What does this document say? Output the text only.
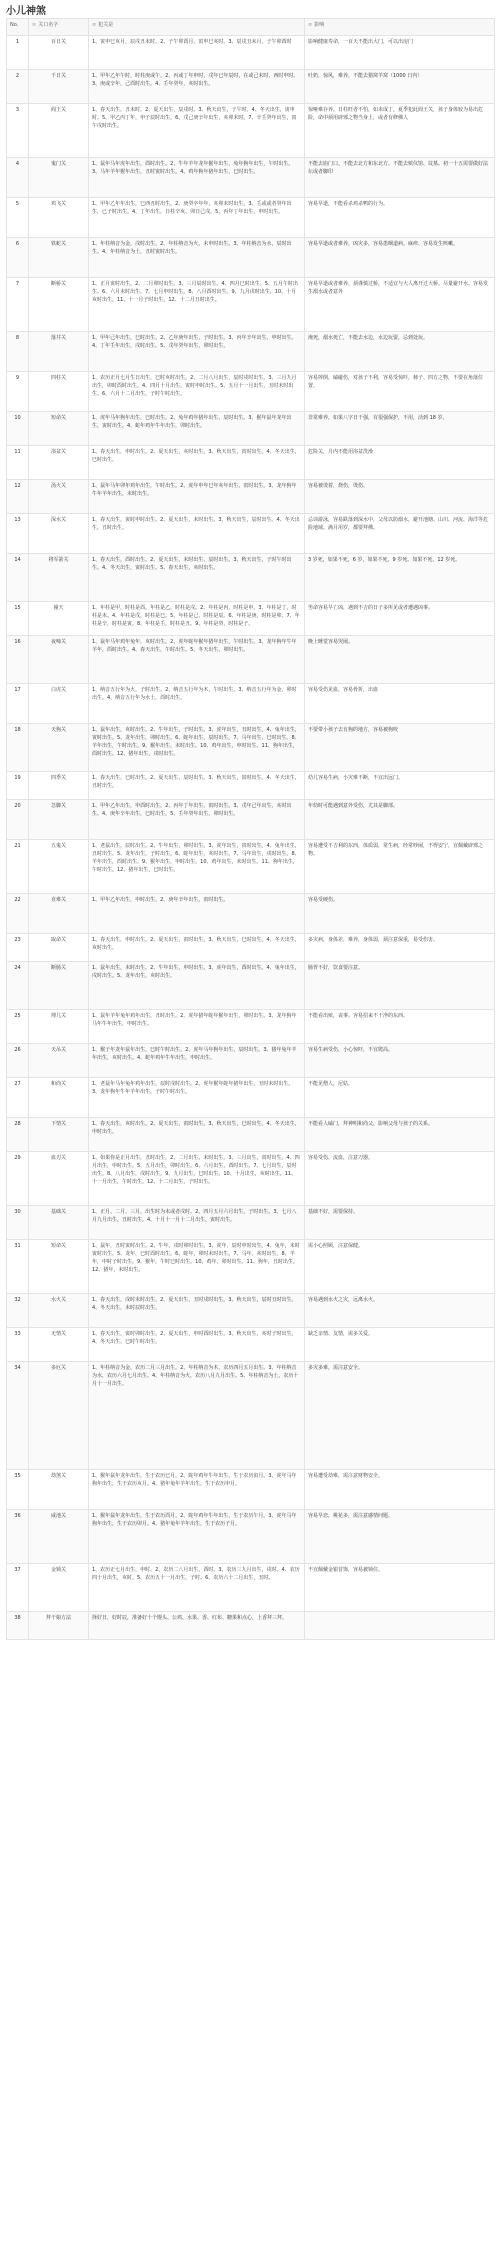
小儿神煞
No.	≡ 关口名字	≡ 犯关是	≡ 影响
1	百日关	1、寅申巳亥月，辰戌丑未时。2、子午卯酉月，寅申巳亥时。3、辰戌丑未月，子午卯酉时	影响健康寿命，一百天不能出大门，可以出房门
2	千日关	1、甲年乙年午时，时柱庚或午。2、丙或丁年申时，戊年已年辰时，在或己未时，西时申时。3、庚或辛年，己酉时出生。4、壬年癸年，亥时出生。	吐奶，惊风，难养，不能去猪窝羊窝（1000 日内）
3	阎王关	1、春天出生，丑未时。2、夏天出生，辰戌时。3、秋天出生，子午时。4、冬天出生，寅申时。5、甲乙丙丁年，申子辰时出生。6、戊己庚辛年出生，亥卯未时。7、辛壬癸年出生，寅午戌时出生。	惊哑难存养。日柱旺者不怕，如未成丁，夏季犯此阎王关，孩子身体较为易出危险，命中须用辟邪之物当身上，或者有修佛人
4	鬼门关	1、鼠年马年虎年出生，酉时出生。2、牛年羊年龙年猴年出生，兔年狗年出生，午时出生。3、马年羊年猴年出生，丑时寅时出生。4、鸡年狗年猪年出生，巳时出生。	不能去庙门口。不能去北方和东北方。不能去殡仪馆、坟墓。初一十五需要做好法坛或者脚印
5	鸡飞关	1、甲年乙年年出生，巳西丑时出生。2、庚癸卒年年，亥卯未时出生。3、壬或或者癸年出生，已子时出生。4、丁年出生，日柱辛亥、卯日己戌。5、丙年丁年出生，申时出生。	容易早逝，不能看杀鸡杀鸭的行为。
6	铁蛇关	1、年柱纳音为金，戌时出生。2、年柱纳音为火，未申时出生。3、年柱纳音为水，辰时出生。4、年柱纳音为土，丑时寅时出生。	容易早逝或者难养，凶灾多，容易患咽道病。麻疹、容易发生咳嗽。
7	断桥关	1、正月寅时出生。2、二月卯时出生。3、三月辰时出生。4、四月巳时出生。5、五月午时出生。6、六月未时出生。7、七月申时出生。8、八月酉时出生。9、九月戌时出生。10、十月亥时出生。11、十一月子时出生。12、十二月丑时出生。	容易早逝或者难养，须谨慎过桥，不适宜与大人离开过大桥。尽量避开水。容易发生溺水或者意外
8	落井关	1、甲年己年出生，巳时出生。2、乙年庚年出生，子时出生。3、丙年辛年出生，申时出生。4、丁年壬年出生，戌时出生。5、戊年癸年出生，卯时出生。	淹死，溺水死亡，不能去水边，水边玩耍，忌到处玩。
9	四柱关	1、农历正月七月生日出生，巳时亥时出生。2、二月八月出生，辰时戌时出生。3、三月九月出生，卯时酉时出生。4、四月十月出生，寅时申时出生。5、五月十一月出生，丑时未时出生。6、六月十二月出生，子时午时出生。	容易摔倒，磕碰伤，对孩子不利，容易受惊吓，柿子、四方之物，不要在角落位置。
10	短命关	1、虎年马年狗年出生，巳时出生。2、兔年鸡年猪年出生，辰时出生。3、猴年鼠年龙年出生，寅时出生。4、蛇年鸡年牛年出生，卯时出生。	非常难养，如果八字日干强，有很强保护，不用，活到 18 岁。
11	浴盆关	1、春天出生，申时出生。2、夏天出生，亥时出生。3、秋天出生，寅时出生。4、冬天出生，巳时出生。	危险关，月内不能用浴盆洗澡
12	汤火关	1、鼠年马年卯年鸡年出生，午时出生。2、虎年申年巳年亥年出生，寅时出生。3、龙年狗年牛年羊年出生，未时出生。	容易被烫着，烧伤，烫伤。
13	深水关	1、春天出生，寅时申时出生。2、夏天出生，未时出生。3、秋天出生，辰时出生。4、冬天出生，丑时出生。	忌讳游泳，容易跌落到深水中，父母以防溺水，避开池塘、山川、河流、海洋等危险地域。满月用岁，都要拜佛。
14	将军箭关	1、春天出生，酉时出生。2、夏天出生，未时出生，辰时出生。3、秋天出生，子时午时出生。4、冬天出生，寅时出生。5、春天出生，亥时出生。	3 岁死，如果不死，6 岁，如果不死，9 岁死。如果不死，12 岁死。
15	撞天	1、年柱是甲，时柱是酉，年柱是乙，时柱是戌。2、年柱是丙，时柱是申。3、年柱是丁，时柱是未。4、年柱是戊，时柱是巳。5、年柱是己，时柱是辰。6、年柱是庚，时柱是卯。7、年柱是辛，时柱是寅。8、年柱是壬，时柱是丑。9、年柱是癸，时柱是子。	男命容易早亡凶，遇到不吉的日子多所见或者遭遇凶事。
16	夜啼关	1、鼠年马年鸡年兔年，亥时出生。2、虎年蛇年猴年猪年出生，午时出生。3、龙年狗年牛年羊年，酉时出生。4、春天出生，午时出生。5、冬天出生，卯时出生。	晚上睡觉容易哭闹。
17	白虎关	1、纳音五行年为火，子时出生。2、纳音五行年为木，午时出生。3、纳音五行年为金，卯时出生。4、纳音五行年为水土，酉时出生。	容易受伤见血，容易骨折，出血
18	天狗关	1、鼠年出生，亥时出生。2、牛年出生，子时出生。3、虎年出生，丑时出生。4、兔年出生，寅时出生。5、龙年出生，卯时出生。6、蛇年出生，辰时出生。7、马年出生，巳时出生。8、羊年出生，午时出生。9、猴年出生，未时出生。10、鸡年出生，申时出生。11、狗年出生，酉时出生。12、猪年出生，戌时出生。	不要带小孩子去有狗的地方，容易被狗咬
19	四季关	1、春天出生，巳时出生。2、夏天出生，辰时出生。3、秋天出生，寅时出生。4、冬天出生，丑时出生。	幼儿容易生病，小灾难不断，不宜出远门。
20	急脚关	1、甲年乙年出生，申酉时出生。2、丙年丁年出生，寅时出生。3、戊年己年出生，亥时出生。4、庚年辛年出生，巳时出生。5、壬年癸年出生，卯时出生。	年幼时可能遇到意外受伤，尤其是脚部。
21	五鬼关	1、老鼠出生，辰时出生。2、牛年出生，卯时出生。3、虎年出生，寅时出生。4、兔年出生，丑时出生。5、龙年出生，子时出生。6、蛇年出生，亥时出生。7、马年出生，戌时出生。8、羊年出生，酉时出生。9、猴年出生，申时出生。10、鸡年出生，未时出生。11、狗年出生，午时出生。12、猪年出生，巳时出生。	容易遭受不吉利的东西，体质弱，常生病，经常吵闹，不得安宁，宜佩戴辟邪之物。
22	直难关	1、甲年乙年出生，申时出生。2、庚年辛年出生，寅时出生。	容易受硬伤。
23	取命关	1、春天出生，申时出生。2、夏天出生，寅时出生。3、秋天出生，巳时出生。4、冬天出生，亥时出生。	多灾病，身体差，难养，身体弱，须注意保重，易受伤害。
24	断肠关	1、鼠年出生，未时出生。2、牛年出生，申时出生。3、虎年出生，酉时出生。4、兔年出生，戌时出生。5、龙年出生，亥时出生。	肠胃不好，饮食要注意。
25	埋儿关	1、鼠年羊年兔年鸡年出生，丑时出生。2、虎年猪年蛇年猴年出生，卯时出生。3、龙年狗年马年牛年出生，申时出生。	不能看出殡，丧事。容易招来不干净的东西。
26	天吊关	1、猴子年龙年鼠年出生，巳时午时出生。2、虎年马年狗年出生，辰时出生。3、猪年兔年羊年出生，亥时出生。4、蛇年鸡年牛年出生，申时出生。	容易生病受伤，小心惊吓，不宜爬高。
27	和尚关	1、老鼠年马年兔年鸡年出生，辰时戌时出生。2、虎年猴年蛇年猪年出生，丑时未时出生。3、龙年狗年牛年羊年出生，子时午时出生。	不能见僧人，尼姑。
28	下情关	1、春天出生，亥时出生。2、夏天出生，寅时出生。3、秋天出生，巳时出生。4、冬天出生，申时出生。	不能看人磕门，拜神明和尚父，影响父母与孩子的关系。
29	血刃关	1、如果你是正月出生，丑时出生。2、二月出生，未时出生。3、三月出生，寅时出生。4、四月出生，申时出生。5、五月出生，卯时出生。6、六月出生，酉时出生。7、七月出生，辰时出生。8、八月出生，戌时出生。9、九月出生，巳时出生。10、十月出生，亥时出生。11、十一月出生，午时出生。12、十二月出生，子时出生。	容易受伤、流血，注意刀器。
30	基础关	1、正月、二月、三月，出生时为未或者戌时。2、四月五月六月出生，子时出生。3、七月八月九月出生，丑时出生。4、十月十一月十二月出生，寅时出生。	基础不好，需要保持。
31	短命关	1、鼠年，丑时寅时出生。2、牛年，戌时卯时出生。3、虎年，辰时申时出生。4、兔年，未时寅时出生。5、龙年，巳时酉时出生。6、蛇年，卯时未时出生。7、马年，亥时出生。8、羊年，申时子时出生。9、猴年，午时巳时出生。10、鸡年，卯时出生。11、狗年，丑时出生。12、猪年，未时出生。	需小心照顾，注意保健。
32	水火关	1、春天出生，戌时未时出生。2、夏天出生，丑时戌时出生。3、秋天出生，辰时丑时出生。4、冬天出生，未时辰时出生。	容易遇到水火之灾，远离水火。
33	无情关	1、春天出生，寅时卯时出生。2、夏天出生，申时酉时出生。3、秋天出生，亥时子时出生。4、冬天出生，巳时午时出生。	缺乏亲情、友情，需多关爱。
34	多厄关	1、年柱纳音为金，农历二月三月出生。2、年柱纳音为木，农历四月五月出生。3、年柱纳音为水，农历六月七月出生。4、年柱纳音为火，农历八月九月出生。5、年柱纳音为土，农历十月十一月出生。	多灾多难，需注意安全。
35	劫煞关	1、猴年鼠年龙年出生，生于农历巳月。2、蛇年鸡年牛年出生，生于农历寅月。3、虎年马年狗年出生，生于农历亥月。4、猪年兔年羊年出生，生于农历申月。	容易遭受劫难，需注意财物安全。
36	咸池关	1、猴年鼠年龙年出生，生于农历酉月。2、蛇年鸡年牛年出生，生于农历午月。3、虎年马年狗年出生，生于农历卯月。4、猪年兔年羊年出生，生于农历子月。	容易早恋，桃花多，需注意感情问题。
37	金锁关	1、农历正七月出生，申时。2、农历二八月出生，酉时。3、农历三九月出生，戌时。4、农历四十月出生，亥时。5、农历五十一月出生，子时。6、农历六十二月出生，丑时。	不宜佩戴金银首饰，容易被锁住。
38	拜干娘方法	择好日，好时辰，准备好十个馒头、公鸡、水果、香、红布、糖果和点心，上香拜三拜。	
